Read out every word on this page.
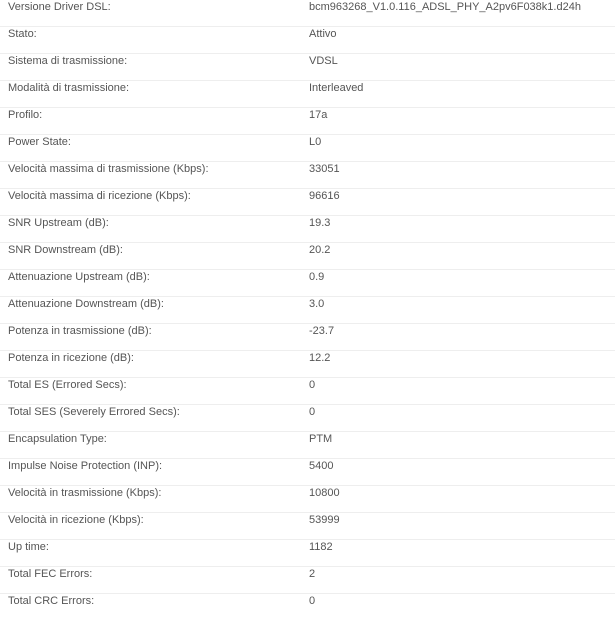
Versione Driver DSL:	bcm963268_V1.0.116_ADSL_PHY_A2pv6F038k1.d24h
Stato:	Attivo
Sistema di trasmissione:	VDSL
Modalità di trasmissione:	Interleaved
Profilo:	17a
Power State:	L0
Velocità massima di trasmissione (Kbps):	33051
Velocità massima di ricezione (Kbps):	96616
SNR Upstream (dB):	19.3
SNR Downstream (dB):	20.2
Attenuazione Upstream (dB):	0.9
Attenuazione Downstream (dB):	3.0
Potenza in trasmissione (dB):	-23.7
Potenza in ricezione (dB):	12.2
Total ES (Errored Secs):	0
Total SES (Severely Errored Secs):	0
Encapsulation Type:	PTM
Impulse Noise Protection (INP):	5400
Velocità in trasmissione (Kbps):	10800
Velocità in ricezione (Kbps):	53999
Up time:	1182
Total FEC Errors:	2
Total CRC Errors:	0
